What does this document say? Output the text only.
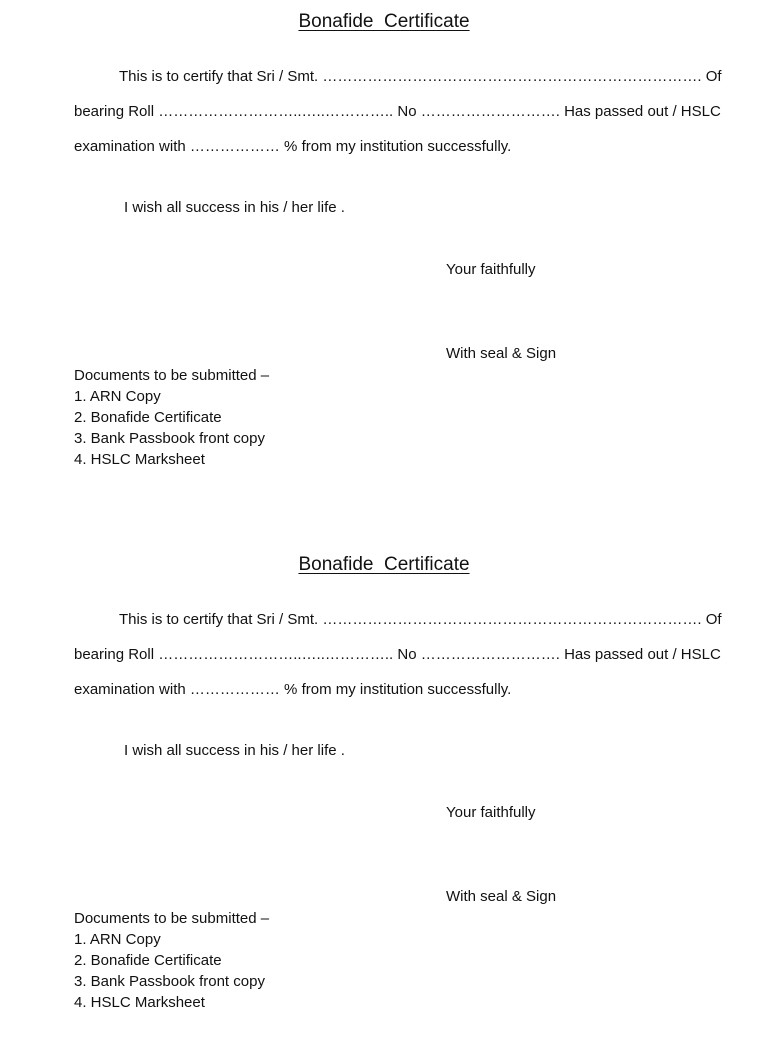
Bonafide  Certificate
This is to certify that Sri / Smt. …………………………………………………………………. Of
bearing Roll ………………………..…..………….. No ………………………. Has passed out / HSLC
examination with ……………… % from my institution successfully.
I wish all success in his / her life .
Your faithfully
With seal & Sign
Documents to be submitted –
1. ARN Copy
2. Bonafide Certificate
3. Bank Passbook front copy
4. HSLC Marksheet
Bonafide  Certificate
This is to certify that Sri / Smt. …………………………………………………………………. Of
bearing Roll ………………………..…..………….. No ………………………. Has passed out / HSLC
examination with ……………… % from my institution successfully.
I wish all success in his / her life .
Your faithfully
With seal & Sign
Documents to be submitted –
1. ARN Copy
2. Bonafide Certificate
3. Bank Passbook front copy
4. HSLC Marksheet
